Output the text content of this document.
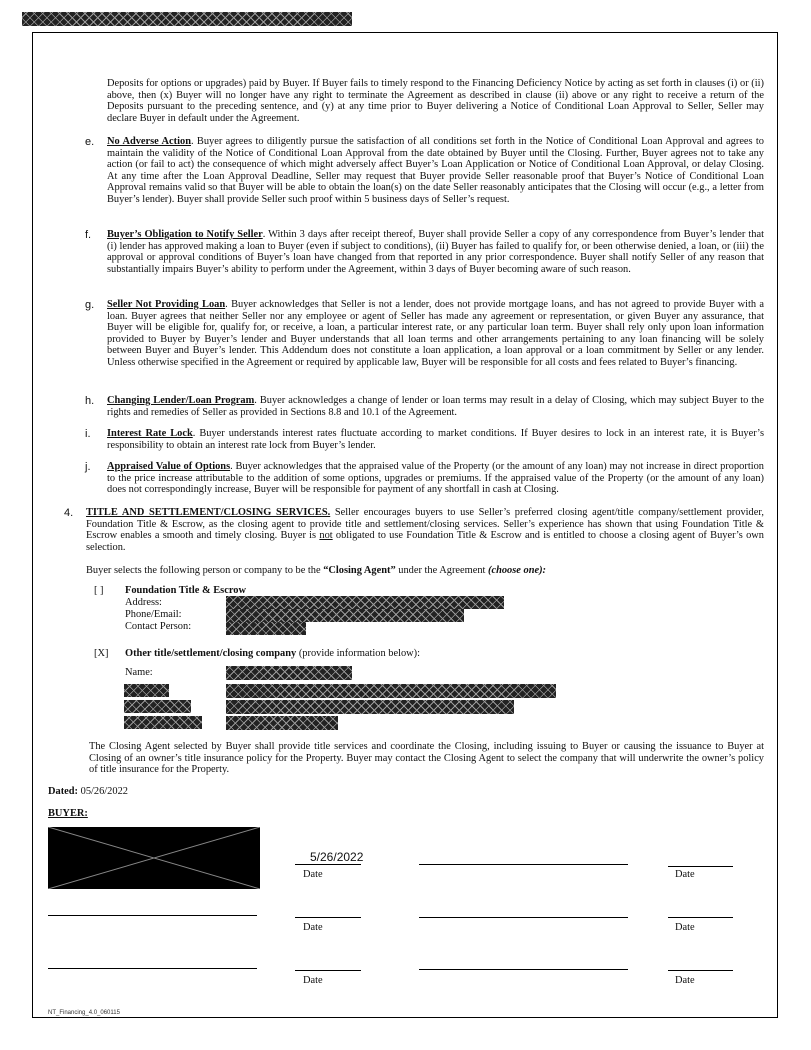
Deposits for options or upgrades) paid by Buyer. If Buyer fails to timely respond to the Financing Deficiency Notice by acting as set forth in clauses (i) or (ii) above, then (x) Buyer will no longer have any right to terminate the Agreement as described in clause (ii) above or any right to receive a return of the Deposits pursuant to the preceding sentence, and (y) at any time prior to Buyer delivering a Notice of Conditional Loan Approval to Seller, Seller may declare Buyer in default under the Agreement.

e. No Adverse Action. Buyer agrees to diligently pursue the satisfaction of all conditions set forth in the Notice of Conditional Loan Approval and agrees to maintain the validity of the Notice of Conditional Loan Approval from the date obtained by Buyer until the Closing. Further, Buyer agrees not to take any action (or fail to act) the consequence of which might adversely affect Buyer’s Loan Application or Notice of Conditional Loan Approval, or delay Closing. At any time after the Loan Approval Deadline, Seller may request that Buyer provide Seller reasonable proof that Buyer’s Notice of Conditional Loan Approval remains valid so that Buyer will be able to obtain the loan(s) on the date Seller reasonably anticipates that the Closing will occur (e.g., a letter from Buyer’s lender). Buyer shall provide Seller such proof within 5 business days of Seller’s request.

f. Buyer’s Obligation to Notify Seller. Within 3 days after receipt thereof, Buyer shall provide Seller a copy of any correspondence from Buyer’s lender that (i) lender has approved making a loan to Buyer (even if subject to conditions), (ii) Buyer has failed to qualify for, or been otherwise denied, a loan, or (iii) the approval or approval conditions of Buyer’s loan have changed from that reported in any prior correspondence. Buyer shall notify Seller of any reason that substantially impairs Buyer’s ability to perform under the Agreement, within 3 days of Buyer becoming aware of such reason.

g. Seller Not Providing Loan. Buyer acknowledges that Seller is not a lender, does not provide mortgage loans, and has not agreed to provide Buyer with a loan. Buyer agrees that neither Seller nor any employee or agent of Seller has made any agreement or representation, or given Buyer any assurance, that Buyer will be eligible for, qualify for, or receive, a loan, a particular interest rate, or any particular loan term. Buyer shall rely only upon loan information provided to Buyer by Buyer’s lender and Buyer understands that all loan terms and other arrangements pertaining to any loan financing will be solely between Buyer and Buyer’s lender. This Addendum does not constitute a loan application, a loan approval or a loan commitment by Seller or any lender. Unless otherwise specified in the Agreement or required by applicable law, Buyer will be responsible for all costs and fees related to Buyer’s financing.

h. Changing Lender/Loan Program. Buyer acknowledges a change of lender or loan terms may result in a delay of Closing, which may subject Buyer to the rights and remedies of Seller as provided in Sections 8.8 and 10.1 of the Agreement.

i. Interest Rate Lock. Buyer understands interest rates fluctuate according to market conditions. If Buyer desires to lock in an interest rate, it is Buyer’s responsibility to obtain an interest rate lock from Buyer’s lender.

j. Appraised Value of Options. Buyer acknowledges that the appraised value of the Property (or the amount of any loan) may not increase in direct proportion to the price increase attributable to the addition of some options, upgrades or premiums. If the appraised value of the Property (or the amount of any loan) does not correspondingly increase, Buyer will be responsible for payment of any shortfall in cash at Closing.

4. TITLE AND SETTLEMENT/CLOSING SERVICES. Seller encourages buyers to use Seller’s preferred closing agent/title company/settlement provider, Foundation Title & Escrow, as the closing agent to provide title and settlement/closing services. Seller’s experience has shown that using Foundation Title & Escrow enables a smooth and timely closing. Buyer is not obligated to use Foundation Title & Escrow and is entitled to choose a closing agent of Buyer’s own selection.

Buyer selects the following person or company to be the “Closing Agent” under the Agreement (choose one):

[ ] Foundation Title & Escrow
Address:
Phone/Email:
Contact Person:
[X] Other title/settlement/closing company (provide information below):
Name:

The Closing Agent selected by Buyer shall provide title services and coordinate the Closing, including issuing to Buyer or causing the issuance to Buyer at Closing of an owner’s title insurance policy for the Property. Buyer may contact the Closing Agent to select the company that will underwrite the owner’s policy of title insurance for the Property.

Dated: 05/26/2022
BUYER:
5/26/2022
Date	Date
Date	Date
Date	Date
NT_Financing_4.0_060115
